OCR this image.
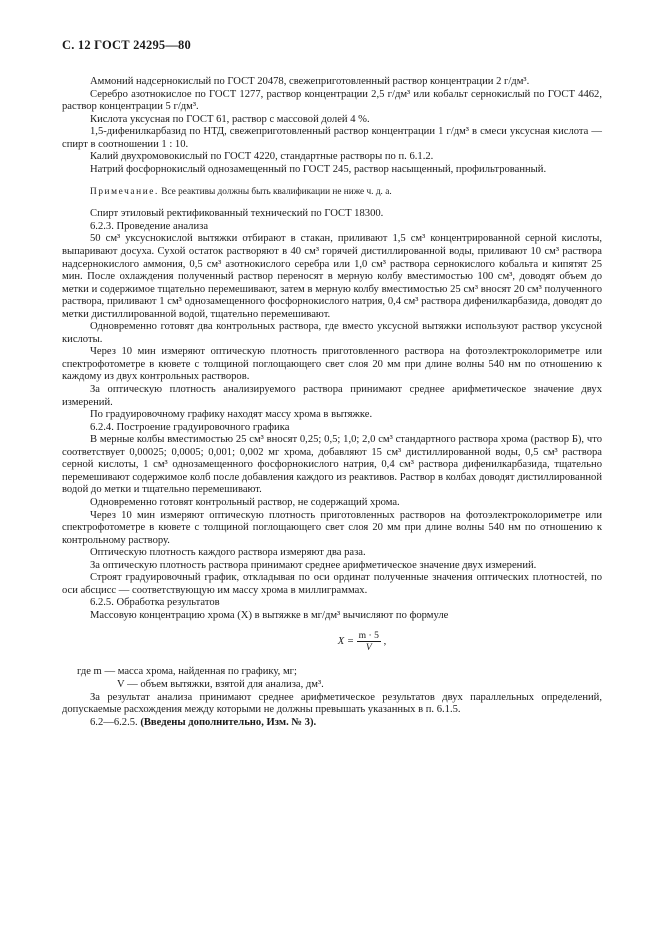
С. 12 ГОСТ 24295—80

Аммоний надсернокислый по ГОСТ 20478, свежеприготовленный раствор концентрации 2 г/дм³.

Серебро азотнокислое по ГОСТ 1277, раствор концентрации 2,5 г/дм³ или кобальт сернокислый по ГОСТ 4462, раствор концентрации 5 г/дм³.

Кислота уксусная по ГОСТ 61, раствор с массовой долей 4 %.

1,5-дифенилкарбазид по НТД, свежеприготовленный раствор концентрации 1 г/дм³ в смеси уксусная кислота — спирт в соотношении 1 : 10.

Калий двухромовокислый по ГОСТ 4220, стандартные растворы по п. 6.1.2.

Натрий фосфорнокислый однозамещенный по ГОСТ 245, раствор насыщенный, профильтрованный.

Примечание. Все реактивы должны быть квалификации не ниже ч. д. а.

Спирт этиловый ректификованный технический по ГОСТ 18300.

6.2.3. Проведение анализа

50 см³ уксуснокислой вытяжки отбирают в стакан, приливают 1,5 см³ концентрированной серной кислоты, выпаривают досуха. Сухой остаток растворяют в 40 см³ горячей дистиллированной воды, приливают 10 см³ раствора надсернокислого аммония, 0,5 см³ азотнокислого серебра или 1,0 см³ раствора сернокислого кобальта и кипятят 25 мин. После охлаждения полученный раствор переносят в мерную колбу вместимостью 100 см³, доводят объем до метки и содержимое тщательно перемешивают, затем в мерную колбу вместимостью 25 см³ вносят 20 см³ полученного раствора, приливают 1 см³ однозамещенного фосфорнокислого натрия, 0,4 см³ раствора дифенилкарбазида, доводят до метки дистиллированной водой, тщательно перемешивают.

Одновременно готовят два контрольных раствора, где вместо уксусной вытяжки используют раствор уксусной кислоты.

Через 10 мин измеряют оптическую плотность приготовленного раствора на фотоэлектроколориметре или спектрофотометре в кювете с толщиной поглощающего свет слоя 20 мм при длине волны 540 нм по отношению к каждому из двух контрольных растворов.

За оптическую плотность анализируемого раствора принимают среднее арифметическое значение двух измерений.

По градуировочному графику находят массу хрома в вытяжке.

6.2.4. Построение градуировочного графика

В мерные колбы вместимостью 25 см³ вносят 0,25; 0,5; 1,0; 2,0 см³ стандартного раствора хрома (раствор Б), что соответствует 0,00025; 0,0005; 0,001; 0,002 мг хрома, добавляют 15 см³ дистиллированной воды, 0,5 см³ раствора серной кислоты, 1 см³ однозамещенного фосфорнокислого натрия, 0,4 см³ раствора дифенилкарбазида, тщательно перемешивают содержимое колб после добавления каждого из реактивов. Раствор в колбах доводят дистиллированной водой до метки и тщательно перемешивают.

Одновременно готовят контрольный раствор, не содержащий хрома.

Через 10 мин измеряют оптическую плотность приготовленных растворов на фотоэлектроколориметре или спектрофотометре в кювете с толщиной поглощающего свет слоя 20 мм при длине волны 540 нм по отношению к контрольному раствору.

Оптическую плотность каждого раствора измеряют два раза.

За оптическую плотность раствора принимают среднее арифметическое значение двух измерений.

Строят градуировочный график, откладывая по оси ординат полученные значения оптических плотностей, по оси абсцисс — соответствующую им массу хрома в миллиграммах.

6.2.5. Обработка результатов

Массовую концентрацию хрома (X) в вытяжке в мг/дм³ вычисляют по формуле

$X = \frac{m \cdot 5}{V}$ ,

где m — масса хрома, найденная по графику, мг;

V — объем вытяжки, взятой для анализа, дм³.

За результат анализа принимают среднее арифметическое результатов двух параллельных определений, допускаемые расхождения между которыми не должны превышать указанных в п. 6.1.5.

6.2—6.2.5. (Введены дополнительно, Изм. № 3).
